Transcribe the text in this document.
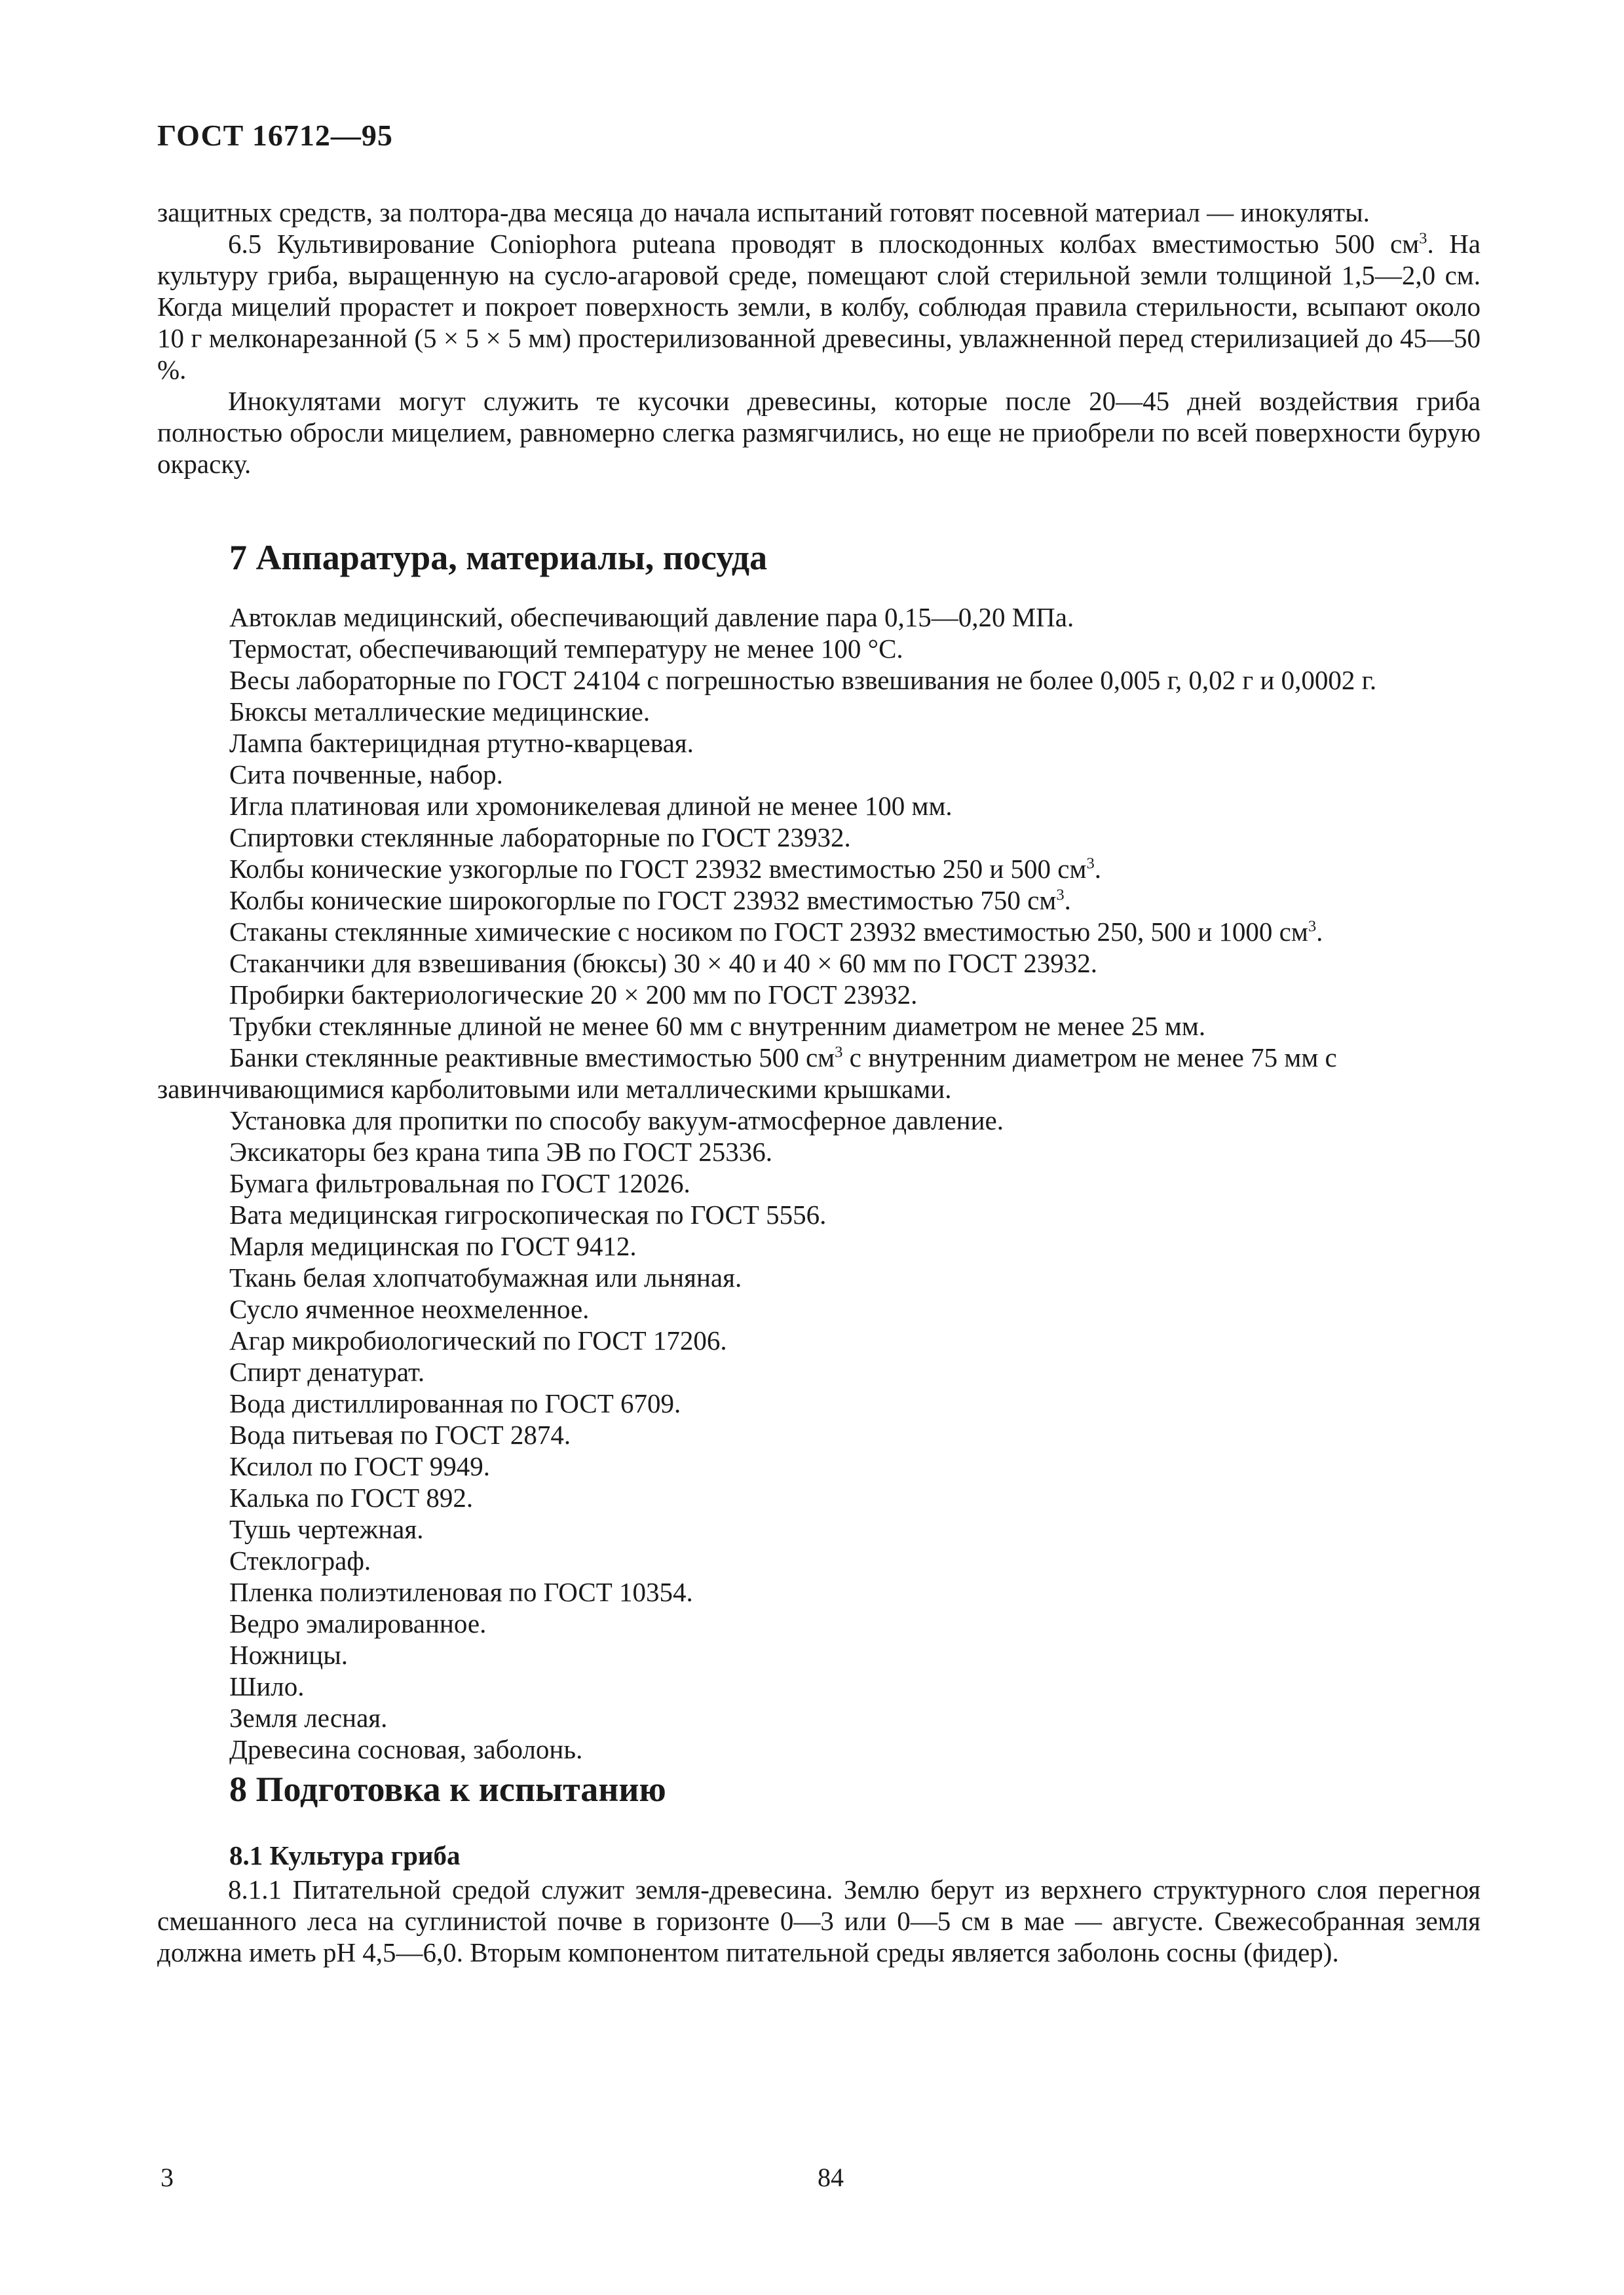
ГОСТ 16712—95

защитных средств, за полтора-два месяца до начала испытаний готовят посевной материал — инокуляты.

6.5 Культивирование Coniophora puteana проводят в плоскодонных колбах вместимостью 500 $см^3$. На культуру гриба, выращенную на сусло-агаровой среде, помещают слой стерильной земли толщиной 1,5—2,0 см. Когда мицелий прорастет и покроет поверхность земли, в колбу, соблюдая правила стерильности, всыпают около 10 г мелконарезанной (5 × 5 × 5 мм) простерилизованной древесины, увлажненной перед стерилизацией до 45—50 %.

Инокулятами могут служить те кусочки древесины, которые после 20—45 дней воздействия гриба полностью обросли мицелием, равномерно слегка размягчились, но еще не приобрели по всей поверхности бурую окраску.

7 Аппаратура, материалы, посуда
Автоклав медицинский, обеспечивающий давление пара 0,15—0,20 МПа.
Термостат, обеспечивающий температуру не менее 100 °С.
Весы лабораторные по ГОСТ 24104 с погрешностью взвешивания не более 0,005 г, 0,02 г и 0,0002 г.
Бюксы металлические медицинские.
Лампа бактерицидная ртутно-кварцевая.
Сита почвенные, набор.
Игла платиновая или хромоникелевая длиной не менее 100 мм.
Спиртовки стеклянные лабораторные по ГОСТ 23932.
Колбы конические узкогорлые по ГОСТ 23932 вместимостью 250 и 500 $см^3$.
Колбы конические широкогорлые по ГОСТ 23932 вместимостью 750 $см^3$.
Стаканы стеклянные химические с носиком по ГОСТ 23932 вместимостью 250, 500 и 1000 $см^3$.
Стаканчики для взвешивания (бюксы) 30 × 40 и 40 × 60 мм по ГОСТ 23932.
Пробирки бактериологические 20 × 200 мм по ГОСТ 23932.
Трубки стеклянные длиной не менее 60 мм с внутренним диаметром не менее 25 мм.
Банки стеклянные реактивные вместимостью 500 $см^3$ с внутренним диаметром не менее 75 мм с завинчивающимися карболитовыми или металлическими крышками.
Установка для пропитки по способу вакуум-атмосферное давление.
Эксикаторы без крана типа ЭВ по ГОСТ 25336.
Бумага фильтровальная по ГОСТ 12026.
Вата медицинская гигроскопическая по ГОСТ 5556.
Марля медицинская по ГОСТ 9412.
Ткань белая хлопчатобумажная или льняная.
Сусло ячменное неохмеленное.
Агар микробиологический по ГОСТ 17206.
Спирт денатурат.
Вода дистиллированная по ГОСТ 6709.
Вода питьевая по ГОСТ 2874.
Ксилол по ГОСТ 9949.
Калька по ГОСТ 892.
Тушь чертежная.
Стеклограф.
Пленка полиэтиленовая по ГОСТ 10354.
Ведро эмалированное.
Ножницы.
Шило.
Земля лесная.
Древесина сосновая, заболонь.
8 Подготовка к испытанию
8.1 Культура гриба

8.1.1 Питательной средой служит земля-древесина. Землю берут из верхнего структурного слоя перегноя смешанного леса на суглинистой почве в горизонте 0—3 или 0—5 см в мае — августе. Свежесобранная земля должна иметь pH 4,5—6,0. Вторым компонентом питательной среды является заболонь сосны (фидер).

3	84
